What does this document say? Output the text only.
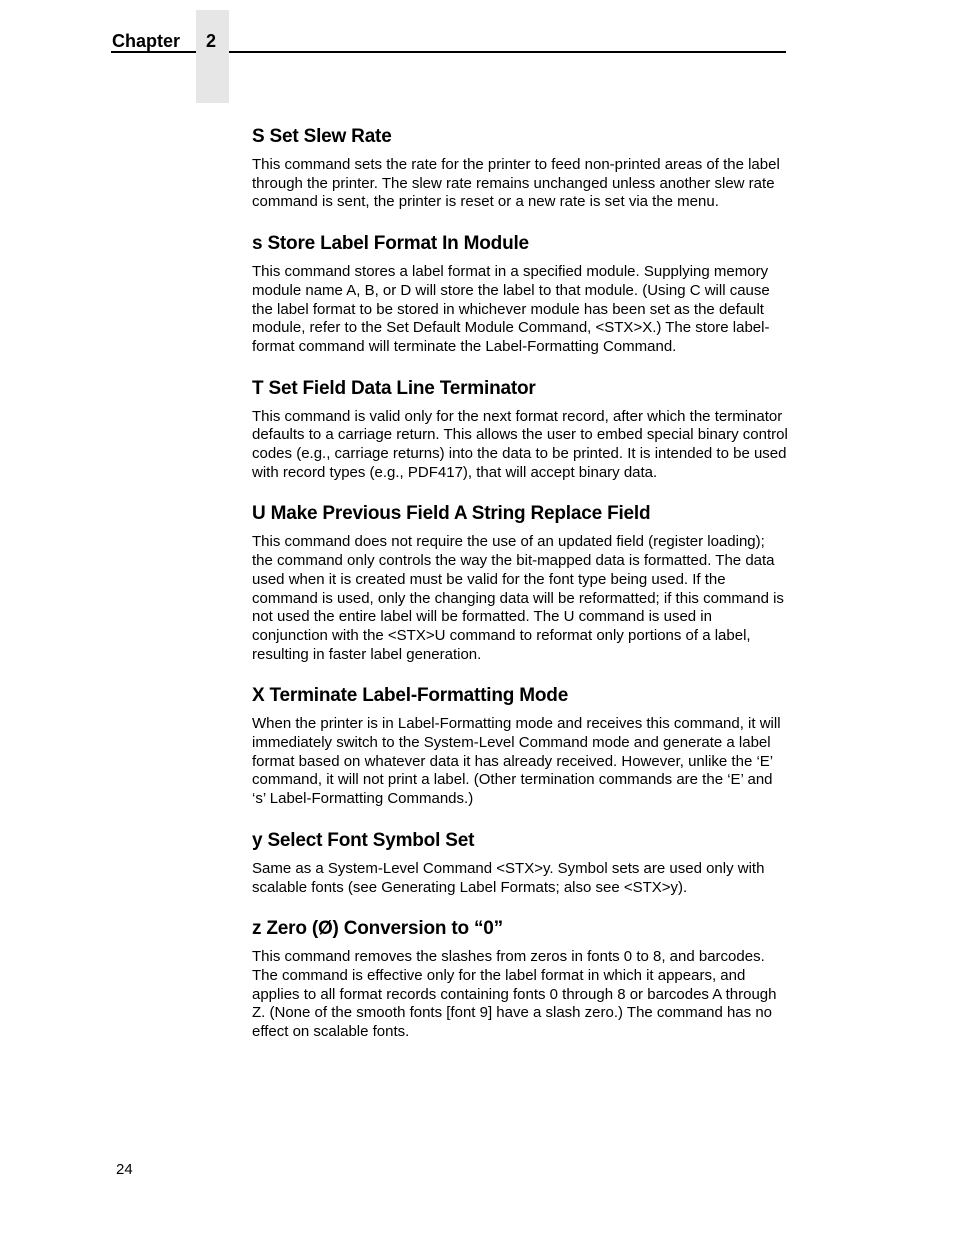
Chapter 2
S Set Slew Rate

This command sets the rate for the printer to feed non-printed areas of the label through the printer. The slew rate remains unchanged unless another slew rate command is sent, the printer is reset or a new rate is set via the menu.

s Store Label Format In Module

This command stores a label format in a specified module. Supplying memory module name A, B, or D will store the label to that module. (Using C will cause the label format to be stored in whichever module has been set as the default module, refer to the Set Default Module Command, <STX>X.) The store label-format command will terminate the Label-Formatting Command.

T Set Field Data Line Terminator

This command is valid only for the next format record, after which the terminator defaults to a carriage return. This allows the user to embed special binary control codes (e.g., carriage returns) into the data to be printed. It is intended to be used with record types (e.g., PDF417), that will accept binary data.

U Make Previous Field A String Replace Field

This command does not require the use of an updated field (register loading); the command only controls the way the bit-mapped data is formatted. The data used when it is created must be valid for the font type being used. If the command is used, only the changing data will be reformatted; if this command is not used the entire label will be formatted. The U command is used in conjunction with the <STX>U command to reformat only portions of a label, resulting in faster label generation.

X Terminate Label-Formatting Mode

When the printer is in Label-Formatting mode and receives this command, it will immediately switch to the System-Level Command mode and generate a label format based on whatever data it has already received. However, unlike the ‘E’ command, it will not print a label. (Other termination commands are the ‘E’ and ‘s’ Label-Formatting Commands.)

y Select Font Symbol Set

Same as a System-Level Command <STX>y. Symbol sets are used only with scalable fonts (see Generating Label Formats; also see <STX>y).

z Zero (Ø) Conversion to “0”

This command removes the slashes from zeros in fonts 0 to 8, and barcodes. The command is effective only for the label format in which it appears, and applies to all format records containing fonts 0 through 8 or barcodes A through Z. (None of the smooth fonts [font 9] have a slash zero.) The command has no effect on scalable fonts.

24
